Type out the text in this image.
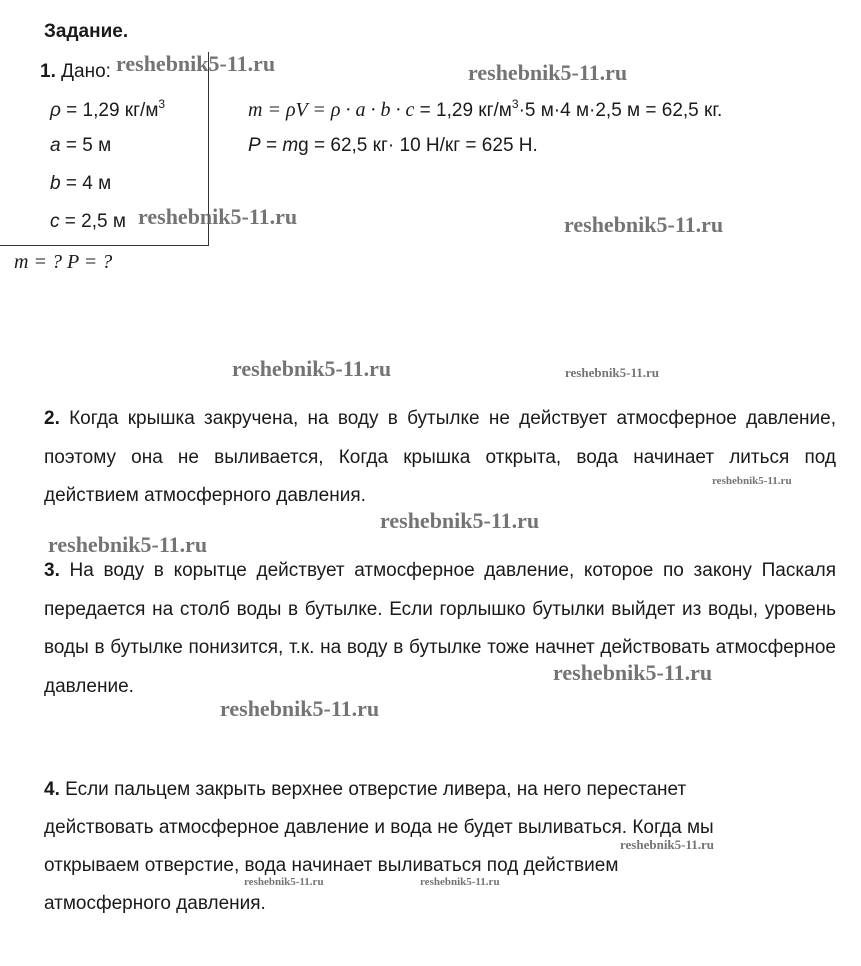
Задание.
1. Дано:
ρ = 1,29 $кг/м^3$
a = 5 м
b = 4 м
c = 2,5 м
m = ? P = ?
m = ρV = ρ · a · b · c = 1,29 $кг/м^3\cdot 5$ м·4 м·2,5 м = 62,5 кг.
P = mg = 62,5 кг· 10 Н/кг = 625 Н.
2. Когда крышка закручена, на воду в бутылке не действует атмосферное давление, поэтому она не выливается, Когда крышка открыта, вода начинает литься под действием атмосферного давления.
3. На воду в корытце действует атмосферное давление, которое по закону Паскаля передается на столб воды в бутылке. Если горлышко бутылки выйдет из воды, уровень воды в бутылке понизится, т.к. на воду в бутылке тоже начнет действовать атмосферное давление.
4. Если пальцем закрыть верхнее отверстие ливера, на него перестанет
действовать атмосферное давление и вода не будет выливаться. Когда мы
открываем отверстие, вода начинает выливаться под действием
атмосферного давления.
reshebnik5-11.ru	reshebnik5-11.ru
reshebnik5-11.ru	reshebnik5-11.ru
reshebnik5-11.ru	reshebnik5-11.ru
reshebnik5-11.ru
reshebnik5-11.ru
reshebnik5-11.ru
reshebnik5-11.ru
reshebnik5-11.ru
reshebnik5-11.ru
reshebnik5-11.ru	reshebnik5-11.ru
